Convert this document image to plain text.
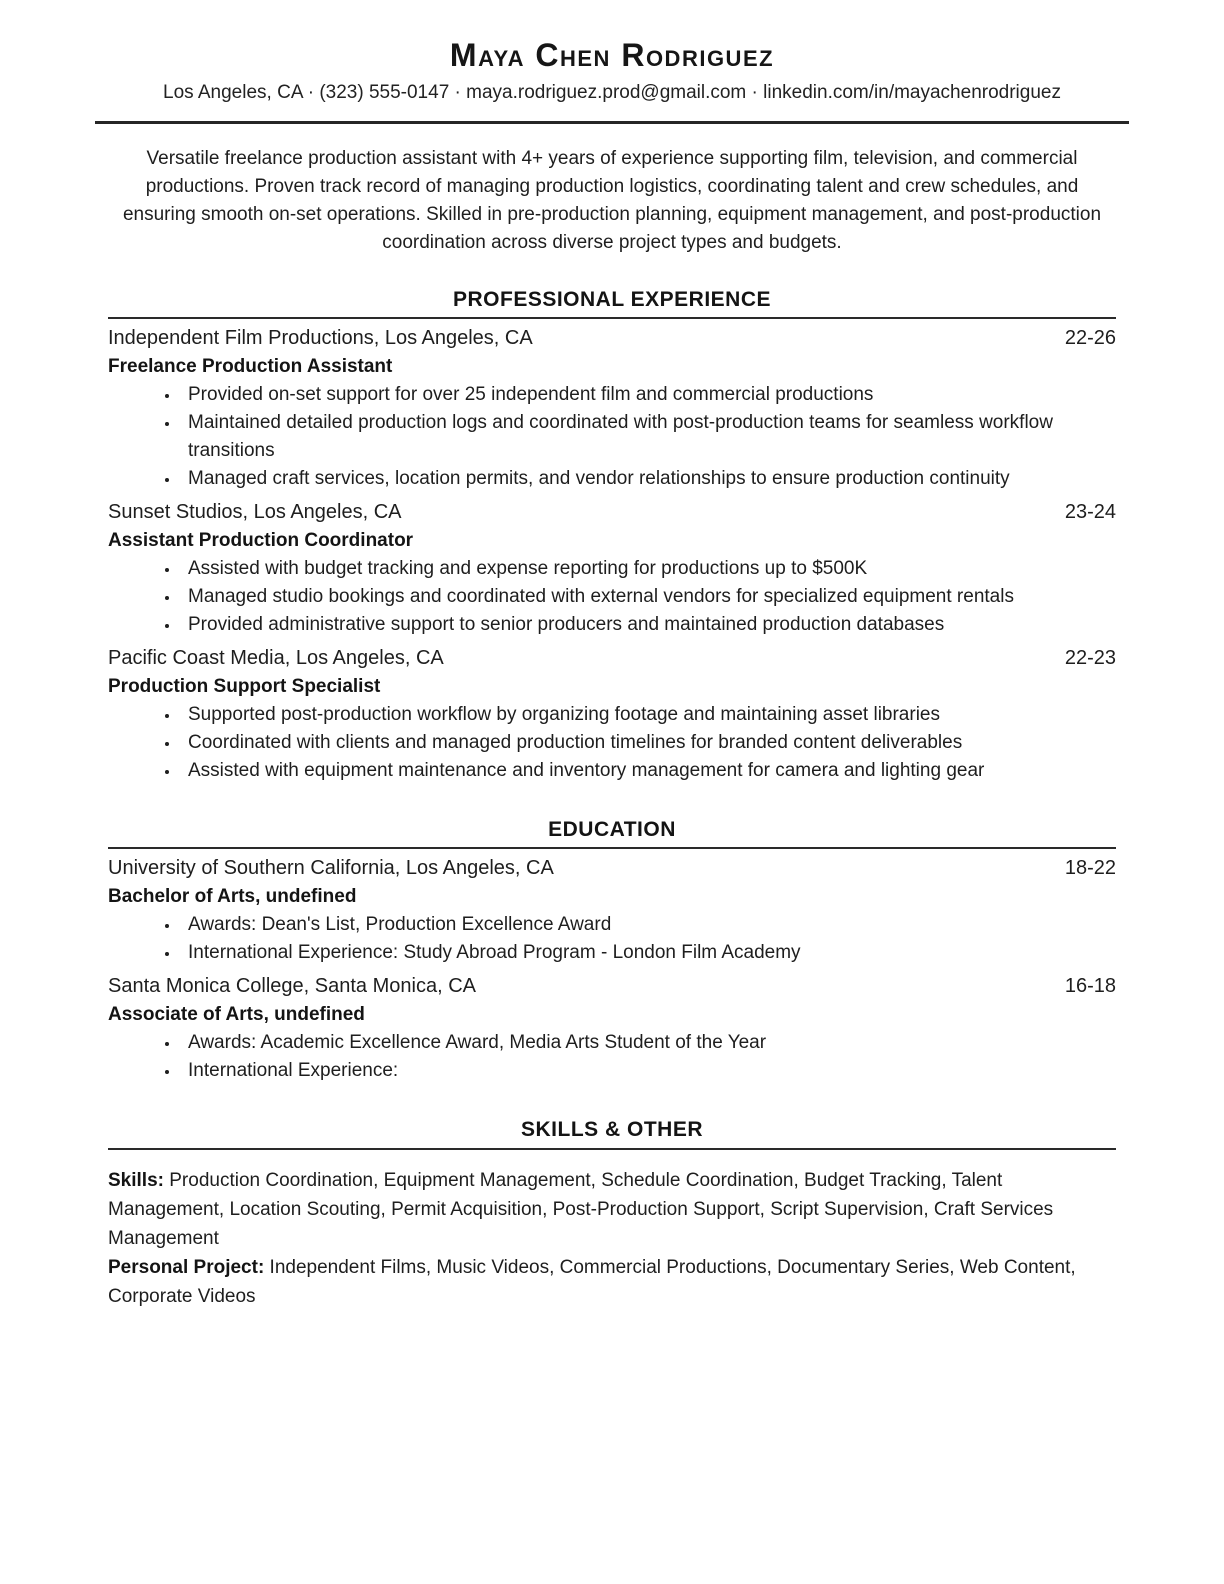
Maya Chen Rodriguez
Los Angeles, CA · (323) 555-0147 · maya.rodriguez.prod@gmail.com · linkedin.com/in/mayachenrodriguez

Versatile freelance production assistant with 4+ years of experience supporting film, television, and commercial productions. Proven track record of managing production logistics, coordinating talent and crew schedules, and ensuring smooth on-set operations. Skilled in pre-production planning, equipment management, and post-production coordination across diverse project types and budgets.

PROFESSIONAL EXPERIENCE
Independent Film Productions, Los Angeles, CA	22-26
Freelance Production Assistant
• Provided on-set support for over 25 independent film and commercial productions
• Maintained detailed production logs and coordinated with post-production teams for seamless workflow transitions
• Managed craft services, location permits, and vendor relationships to ensure production continuity
Sunset Studios, Los Angeles, CA	23-24
Assistant Production Coordinator
• Assisted with budget tracking and expense reporting for productions up to $500K
• Managed studio bookings and coordinated with external vendors for specialized equipment rentals
• Provided administrative support to senior producers and maintained production databases
Pacific Coast Media, Los Angeles, CA	22-23
Production Support Specialist
• Supported post-production workflow by organizing footage and maintaining asset libraries
• Coordinated with clients and managed production timelines for branded content deliverables
• Assisted with equipment maintenance and inventory management for camera and lighting gear
EDUCATION
University of Southern California, Los Angeles, CA	18-22
Bachelor of Arts, undefined
• Awards: Dean's List, Production Excellence Award
• International Experience: Study Abroad Program - London Film Academy
Santa Monica College, Santa Monica, CA	16-18
Associate of Arts, undefined
• Awards: Academic Excellence Award, Media Arts Student of the Year
• International Experience:
SKILLS & OTHER

Skills: Production Coordination, Equipment Management, Schedule Coordination, Budget Tracking, Talent Management, Location Scouting, Permit Acquisition, Post-Production Support, Script Supervision, Craft Services Management

Personal Project: Independent Films, Music Videos, Commercial Productions, Documentary Series, Web Content, Corporate Videos
